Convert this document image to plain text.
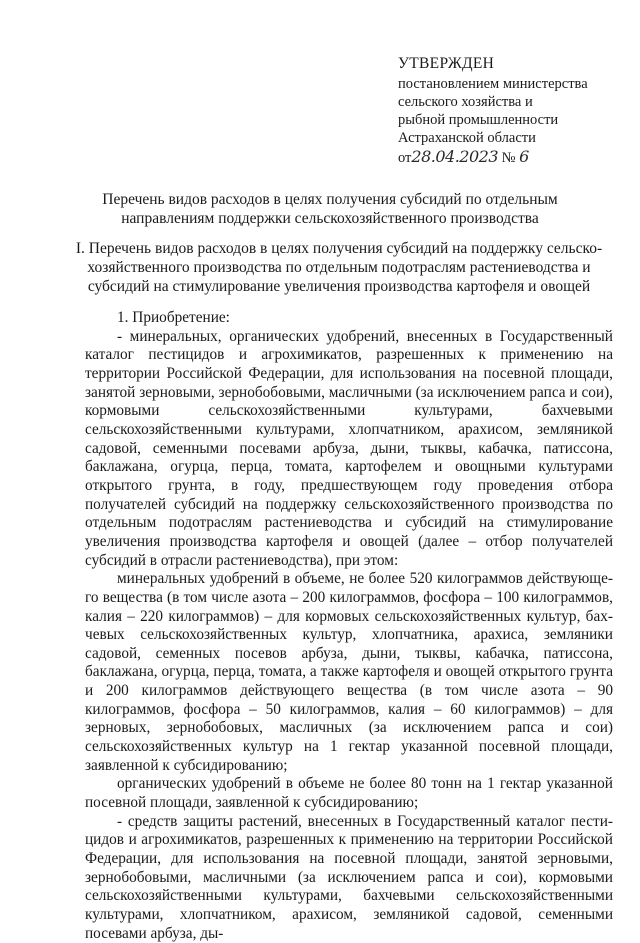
УТВЕРЖДЕН
постановлением министерства
сельского хозяйства и
рыбной промышленности
Астраханской области
от28.04.2023 № 6
Перечень видов расходов в целях получения субсидий по отдельным направлениям поддержки сельскохозяйственного производства
I. Перечень видов расходов в целях получения субсидий на поддержку сельскохозяйственного производства по отдельным подотраслям растениеводства и субсидий на стимулирование увеличения производства картофеля и овощей

1. Приобретение:

- минеральных, органических удобрений, внесенных в Государственный каталог пестицидов и агрохимикатов, разрешенных к применению на территории Российской Федерации, для использования на посевной площади, занятой зерновыми, зернобобовыми, масличными (за исключением рапса и сои), кормовыми сельскохозяйственными культурами, бахчевыми сельскохозяйственными культурами, хлопчатником, арахисом, земляникой садовой, семенными посевами арбуза, дыни, тыквы, кабачка, патиссона, баклажана, огурца, перца, томата, картофелем и овощными культурами открытого грунта, в году, предшествующем году проведения отбора получателей субсидий на поддержку сельскохозяйственного производства по отдельным подотраслям растениеводства и субсидий на стимулирование увеличения производства картофеля и овощей (далее – отбор получателей субсидий в отрасли растениеводства), при этом:

минеральных удобрений в объеме, не более 520 килограммов действующего вещества (в том числе азота – 200 килограммов, фосфора – 100 килограммов, калия – 220 килограммов) – для кормовых сельскохозяйственных культур, бахчевых сельскохозяйственных культур, хлопчатника, арахиса, земляники садовой, семенных посевов арбуза, дыни, тыквы, кабачка, патиссона, баклажана, огурца, перца, томата, а также картофеля и овощей открытого грунта и 200 килограммов действующего вещества (в том числе азота – 90 килограммов, фосфора – 50 килограммов, калия – 60 килограммов) – для зерновых, зернобобовых, масличных (за исключением рапса и сои) сельскохозяйственных культур на 1 гектар указанной посевной площади, заявленной к субсидированию;

органических удобрений в объеме не более 80 тонн на 1 гектар указанной посевной площади, заявленной к субсидированию;

- средств защиты растений, внесенных в Государственный каталог пестицидов и агрохимикатов, разрешенных к применению на территории Российской Федерации, для использования на посевной площади, занятой зерновыми, зернобобовыми, масличными (за исключением рапса и сои), кормовыми сельскохозяйственными культурами, бахчевыми сельскохозяйственными культурами, хлопчатником, арахисом, земляникой садовой, семенными посевами арбуза, ды-
